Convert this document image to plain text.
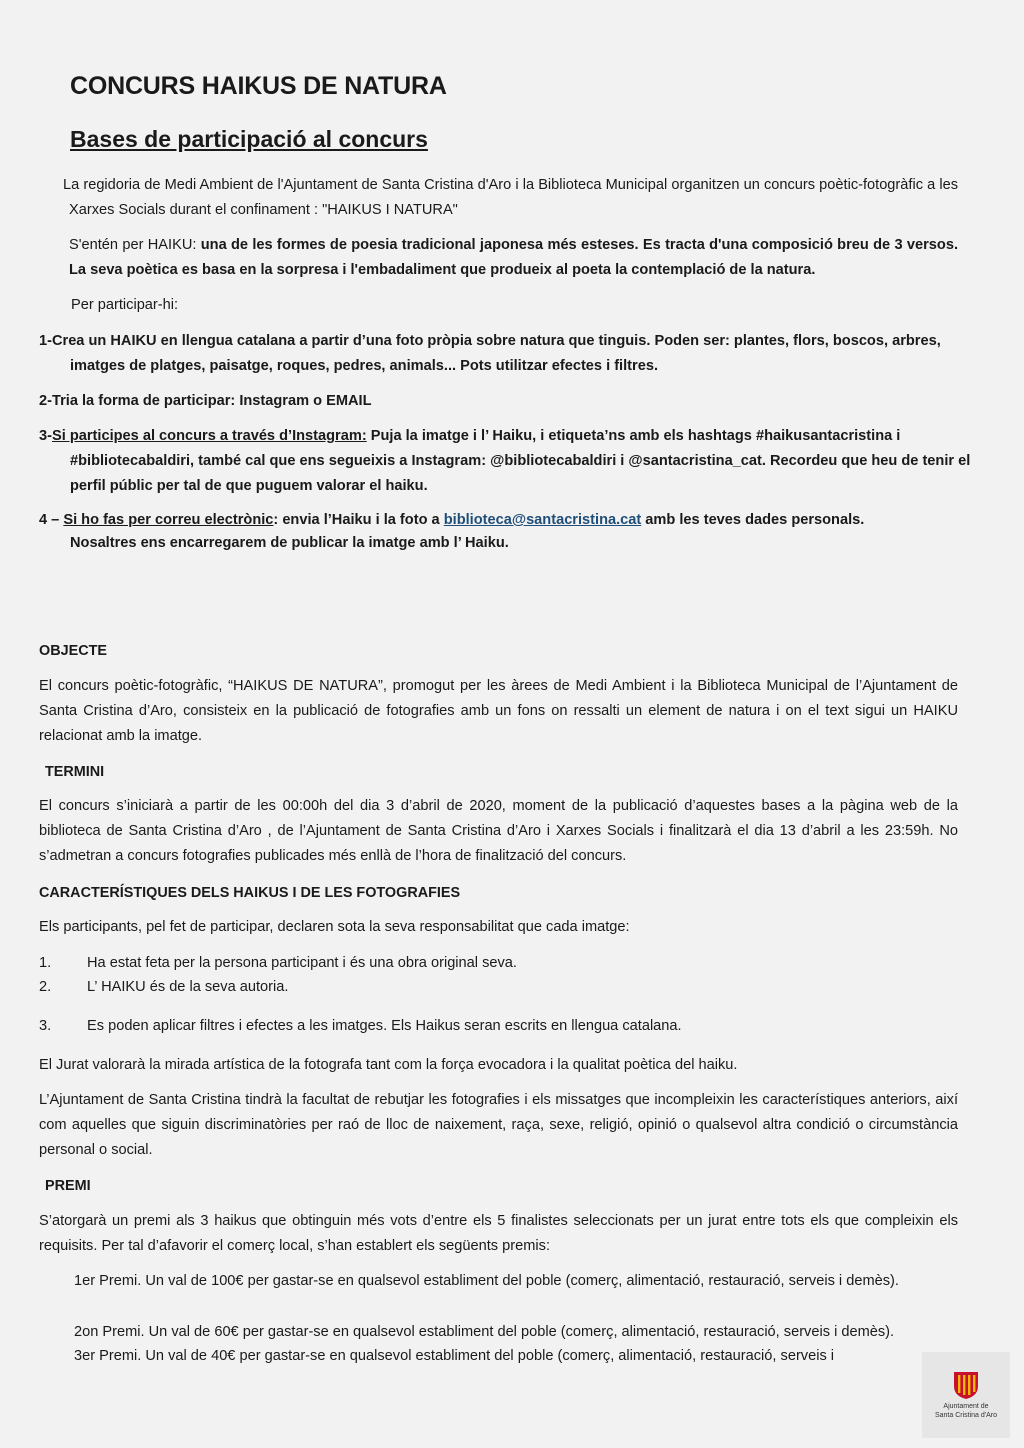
CONCURS HAIKUS DE NATURA
Bases de participació al concurs

La regidoria de Medi Ambient de l'Ajuntament de Santa Cristina d'Aro i la Biblioteca Municipal organitzen un concurs poètic-fotogràfic a les Xarxes Socials durant el confinament : "HAIKUS I NATURA"

S'entén per HAIKU: una de les formes de poesia tradicional japonesa més esteses. Es tracta d'una composició breu de 3 versos. La seva poètica es basa en la sorpresa i l'embadaliment que produeix al poeta la contemplació de la natura.

Per participar-hi:

1-Crea un HAIKU en llengua catalana a partir d’una foto pròpia sobre natura que tinguis. Poden ser: plantes, flors, boscos, arbres, imatges de platges, paisatge, roques, pedres, animals... Pots utilitzar efectes i filtres.

2-Tria la forma de participar: Instagram o EMAIL

3-Si participes al concurs a través d’Instagram: Puja la imatge i l’ Haiku, i etiqueta’ns amb els hashtags #haikusantacristina i #bibliotecabaldiri, també cal que ens segueixis a Instagram: @bibliotecabaldiri i @santacristina_cat. Recordeu que heu de tenir el perfil públic per tal de que puguem valorar el haiku.

4 – Si ho fas per correu electrònic: envia l’Haiku i la foto a biblioteca@santacristina.cat amb les teves dades personals.
Nosaltres ens encarregarem de publicar la imatge amb l’ Haiku.

OBJECTE

El concurs poètic-fotogràfic, “HAIKUS DE NATURA”, promogut per les àrees de Medi Ambient i la Biblioteca Municipal de l’Ajuntament de Santa Cristina d’Aro, consisteix en la publicació de fotografies amb un fons on ressalti un element de natura i on el text sigui un HAIKU relacionat amb la imatge.

TERMINI

El concurs s’iniciarà a partir de les 00:00h del dia 3 d’abril de 2020, moment de la publicació d’aquestes bases a la pàgina web de la biblioteca de Santa Cristina d’Aro , de l’Ajuntament de Santa Cristina d’Aro i Xarxes Socials i finalitzarà el dia 13 d’abril a les 23:59h. No s’admetran a concurs fotografies publicades més enllà de l’hora de finalització del concurs.

CARACTERÍSTIQUES DELS HAIKUS I DE LES FOTOGRAFIES

Els participants, pel fet de participar, declaren sota la seva responsabilitat que cada imatge:

1. Ha estat feta per la persona participant i és una obra original seva.

2. L’ HAIKU és de la seva autoria.

3. Es poden aplicar filtres i efectes a les imatges. Els Haikus seran escrits en llengua catalana.

El Jurat valorarà la mirada artística de la fotografa tant com la força evocadora i la qualitat poètica del haiku.

L’Ajuntament de Santa Cristina tindrà la facultat de rebutjar les fotografies i els missatges que incompleixin les característiques anteriors, així com aquelles que siguin discriminatòries per raó de lloc de naixement, raça, sexe, religió, opinió o qualsevol altra condició o circumstància personal o social.

PREMI

S’atorgarà un premi als 3 haikus que obtinguin més vots d’entre els 5 finalistes seleccionats per un jurat entre tots els que compleixin els requisits. Per tal d’afavorir el comerç local, s’han establert els següents premis:

1er Premi. Un val de 100€ per gastar-se en qualsevol establiment del poble (comerç, alimentació, restauració, serveis i demès).

2on Premi. Un val de 60€ per gastar-se en qualsevol establiment del poble (comerç, alimentació, restauració, serveis i demès).

3er Premi. Un val de 40€ per gastar-se en qualsevol establiment del poble (comerç, alimentació, restauració, serveis i

Ajuntament de
Santa Cristina d'Aro
